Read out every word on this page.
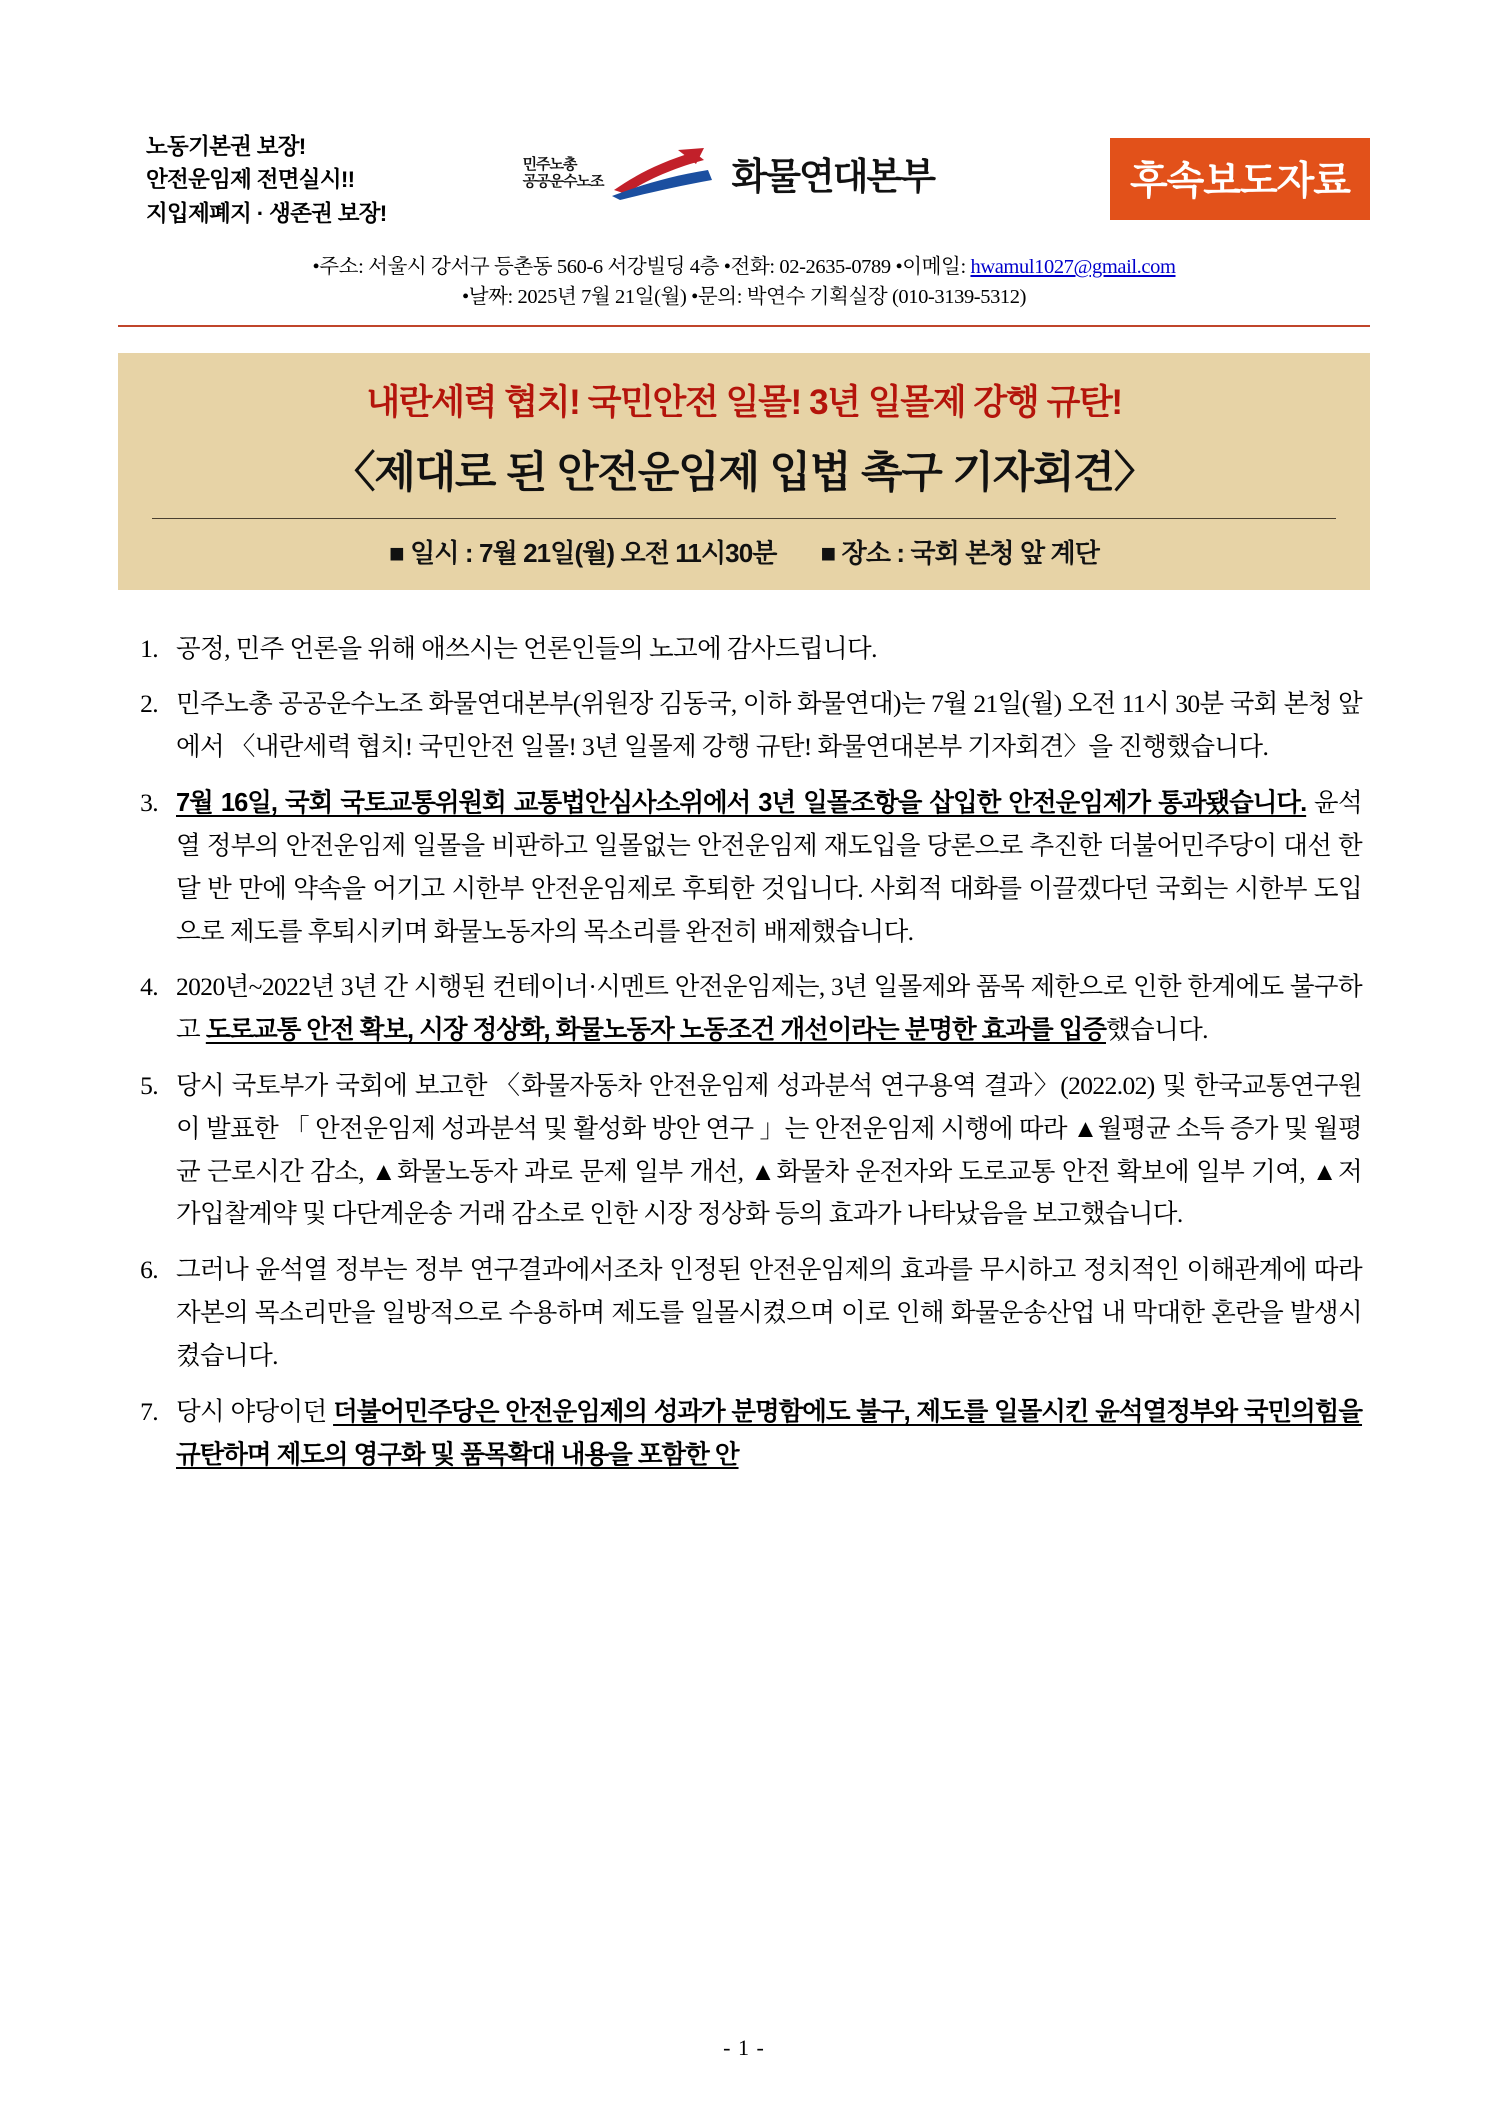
노동기본권 보장!
안전운임제 전면실시!!
지입제폐지 · 생존권 보장!
민주노총
공공운수노조	화물연대본부	후속보도자료
•주소: 서울시 강서구 등촌동 560-6 서강빌딩 4층 •전화: 02-2635-0789 •이메일: hwamul1027@gmail.com
•날짜: 2025년 7월 21일(월) •문의: 박연수 기획실장 (010-3139-5312)
내란세력 협치! 국민안전 일몰! 3년 일몰제 강행 규탄!
〈제대로 된 안전운임제 입법 촉구 기자회견〉
■ 일시 : 7월 21일(월) 오전 11시30분 ■ 장소 : 국회 본청 앞 계단
공정, 민주 언론을 위해 애쓰시는 언론인들의 노고에 감사드립니다.
민주노총 공공운수노조 화물연대본부(위원장 김동국, 이하 화물연대)는 7월 21일(월) 오전 11시 30분 국회 본청 앞에서 〈내란세력 협치! 국민안전 일몰! 3년 일몰제 강행 규탄! 화물연대본부 기자회견〉을 진행했습니다.
7월 16일, 국회 국토교통위원회 교통법안심사소위에서 3년 일몰조항을 삽입한 안전운임제가 통과됐습니다. 윤석열 정부의 안전운임제 일몰을 비판하고 일몰없는 안전운임제 재도입을 당론으로 추진한 더불어민주당이 대선 한 달 반 만에 약속을 어기고 시한부 안전운임제로 후퇴한 것입니다. 사회적 대화를 이끌겠다던 국회는 시한부 도입으로 제도를 후퇴시키며 화물노동자의 목소리를 완전히 배제했습니다.
2020년~2022년 3년 간 시행된 컨테이너·시멘트 안전운임제는, 3년 일몰제와 품목 제한으로 인한 한계에도 불구하고 도로교통 안전 확보, 시장 정상화, 화물노동자 노동조건 개선이라는 분명한 효과를 입증했습니다.
당시 국토부가 국회에 보고한 〈화물자동차 안전운임제 성과분석 연구용역 결과〉(2022.02) 및 한국교통연구원이 발표한 「 안전운임제 성과분석 및 활성화 방안 연구 」는 안전운임제 시행에 따라 ▲월평균 소득 증가 및 월평균 근로시간 감소, ▲화물노동자 과로 문제 일부 개선, ▲화물차 운전자와 도로교통 안전 확보에 일부 기여, ▲저가입찰계약 및 다단계운송 거래 감소로 인한 시장 정상화 등의 효과가 나타났음을 보고했습니다.
그러나 윤석열 정부는 정부 연구결과에서조차 인정된 안전운임제의 효과를 무시하고 정치적인 이해관계에 따라 자본의 목소리만을 일방적으로 수용하며 제도를 일몰시켰으며 이로 인해 화물운송산업 내 막대한 혼란을 발생시켰습니다.
당시 야당이던 더불어민주당은 안전운임제의 성과가 분명함에도 불구, 제도를 일몰시킨 윤석열정부와 국민의힘을 규탄하며 제도의 영구화 및 품목확대 내용을 포함한 안
- 1 -
